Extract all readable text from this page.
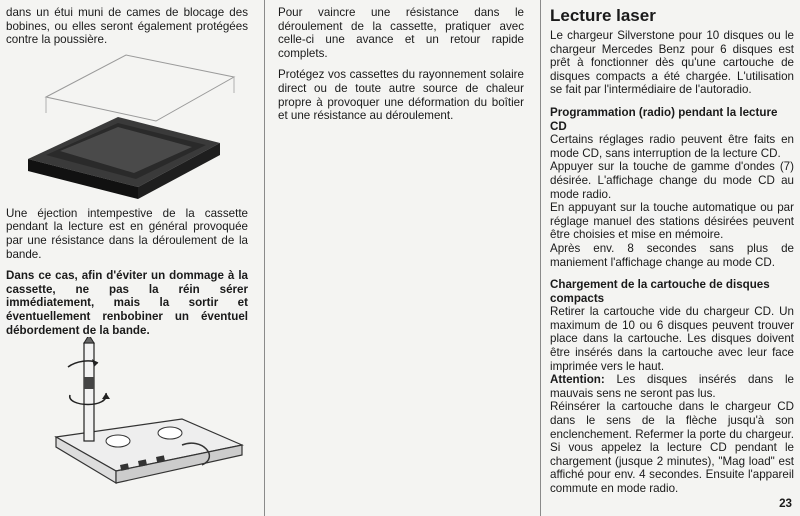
dans un étui muni de cames de blocage des bobines, ou elles seront également protégées contre la poussière.

Une éjection intempestive de la cassette pendant la lecture est en général provoquée par une résistance dans la déroulement de la bande.

Dans ce cas, afin d'éviter un dommage à la cassette, ne pas la réin sérer immédiatement, mais la sortir et éventuellement renbobiner un éventuel débordement de la bande.

Pour vaincre une résistance dans le déroulement de la cassette, pratiquer avec celle-ci une avance et un retour rapide complets.

Protégez vos cassettes du rayonnement solaire direct ou de toute autre source de chaleur propre à provoquer une déformation du boîtier et une résistance au déroulement.

Lecture laser

Le chargeur Silverstone pour 10 disques ou le chargeur Mercedes Benz pour 6 disques est prêt à fonctionner dès qu'une cartouche de disques compacts a été chargée. L'utilisation se fait par l'intermédiaire de l'autoradio.

Programmation (radio) pendant la lecture CD

Certains réglages radio peuvent être faits en mode CD, sans interruption de la lecture CD.

Appuyer sur la touche de gamme d'ondes (7) désirée. L'affichage change du mode CD au mode radio.

En appuyant sur la touche automatique ou par réglage manuel des stations désirées peuvent être choisies et mise en mémoire.

Après env. 8 secondes sans plus de maniement l'affichage change au mode CD.

Chargement de la cartouche de disques compacts

Retirer la cartouche vide du chargeur CD. Un maximum de 10 ou 6 disques peuvent trouver place dans la cartouche. Les disques doivent être insérés dans la cartouche avec leur face imprimée vers le haut.

Attention: Les disques insérés dans le mauvais sens ne seront pas lus.

Réinsérer la cartouche dans le chargeur CD dans le sens de la flèche jusqu'à son enclenchement. Refermer la porte du chargeur. Si vous appelez la lecture CD pendant le chargement (jusque 2 minutes), "Mag load" est affiché pour env. 4 secondes. Ensuite l'appareil commute en mode radio.

23
